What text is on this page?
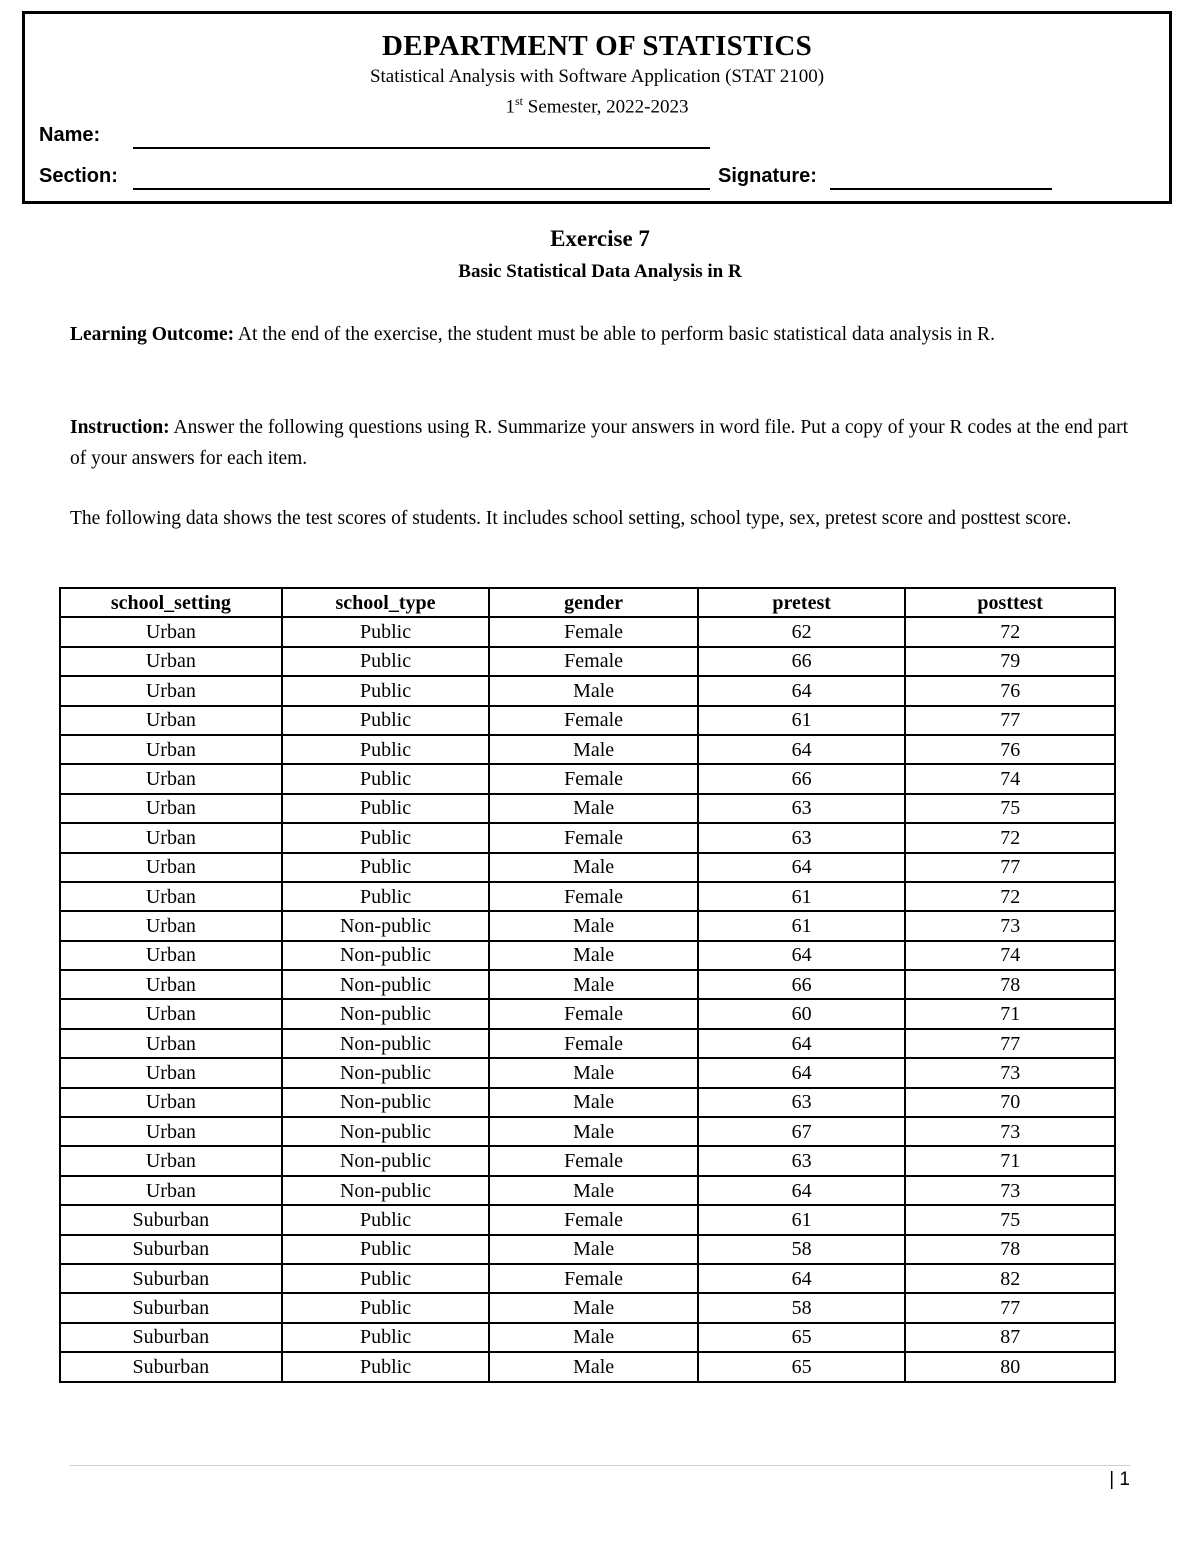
DEPARTMENT OF STATISTICS
Statistical Analysis with Software Application (STAT 2100)
1st Semester, 2022-2023
Name:
Section:	Signature:
Exercise 7
Basic Statistical Data Analysis in R
Learning Outcome: At the end of the exercise, the student must be able to perform basic statistical data analysis in R.
Instruction: Answer the following questions using R. Summarize your answers in word file. Put a copy of your R codes at the end part of your answers for each item.
The following data shows the test scores of students. It includes school setting, school type, sex, pretest score and posttest score.
school_setting	school_type	gender	pretest	posttest
Urban	Public	Female	62	72
Urban	Public	Female	66	79
Urban	Public	Male	64	76
Urban	Public	Female	61	77
Urban	Public	Male	64	76
Urban	Public	Female	66	74
Urban	Public	Male	63	75
Urban	Public	Female	63	72
Urban	Public	Male	64	77
Urban	Public	Female	61	72
Urban	Non-public	Male	61	73
Urban	Non-public	Male	64	74
Urban	Non-public	Male	66	78
Urban	Non-public	Female	60	71
Urban	Non-public	Female	64	77
Urban	Non-public	Male	64	73
Urban	Non-public	Male	63	70
Urban	Non-public	Male	67	73
Urban	Non-public	Female	63	71
Urban	Non-public	Male	64	73
Suburban	Public	Female	61	75
Suburban	Public	Male	58	78
Suburban	Public	Female	64	82
Suburban	Public	Male	58	77
Suburban	Public	Male	65	87
Suburban	Public	Male	65	80
| 1
